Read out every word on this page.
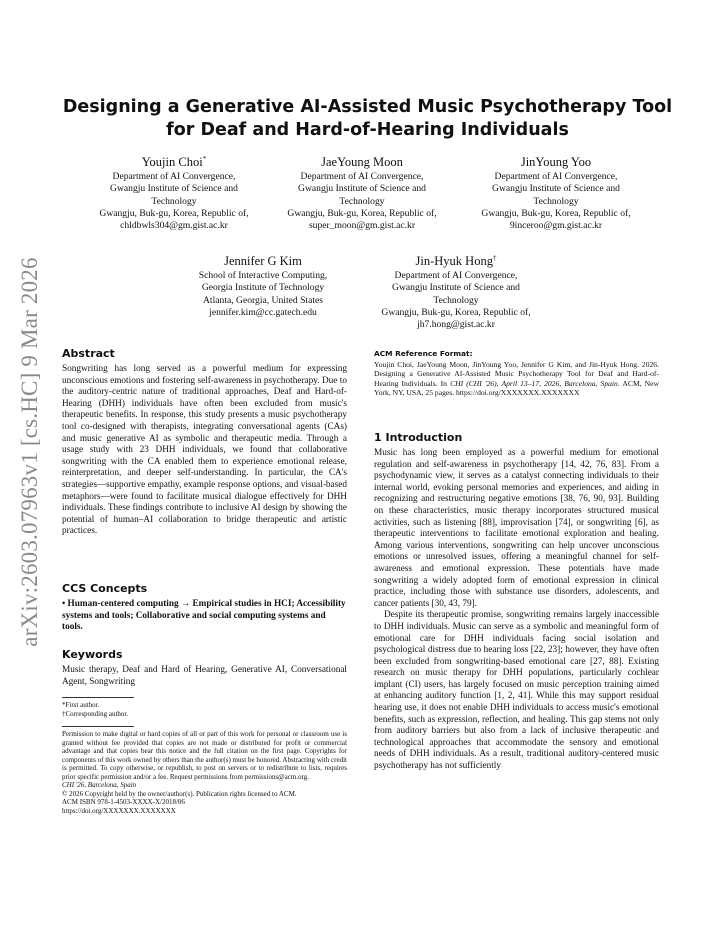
arXiv:2603.07963v1 [cs.HC] 9 Mar 2026
Designing a Generative AI-Assisted Music Psychotherapy Tool for Deaf and Hard-of-Hearing Individuals
Youjin Choi*
Department of AI Convergence,
Gwangju Institute of Science and
Technology
Gwangju, Buk-gu, Korea, Republic of,
chldbwls304@gm.gist.ac.kr
JaeYoung Moon
Department of AI Convergence,
Gwangju Institute of Science and
Technology
Gwangju, Buk-gu, Korea, Republic of,
super_moon@gm.gist.ac.kr
JinYoung Yoo
Department of AI Convergence,
Gwangju Institute of Science and
Technology
Gwangju, Buk-gu, Korea, Republic of,
9inceroo@gm.gist.ac.kr
Jennifer G Kim
School of Interactive Computing,
Georgia Institute of Technology
Atlanta, Georgia, United States
jennifer.kim@cc.gatech.edu
Jin-Hyuk Hong†
Department of AI Convergence,
Gwangju Institute of Science and
Technology
Gwangju, Buk-gu, Korea, Republic of,
jh7.hong@gist.ac.kr
Abstract

Songwriting has long served as a powerful medium for expressing unconscious emotions and fostering self-awareness in psychotherapy. Due to the auditory-centric nature of traditional approaches, Deaf and Hard-of-Hearing (DHH) individuals have often been excluded from music's therapeutic benefits. In response, this study presents a music psychotherapy tool co-designed with therapists, integrating conversational agents (CAs) and music generative AI as symbolic and therapeutic media. Through a usage study with 23 DHH individuals, we found that collaborative songwriting with the CA enabled them to experience emotional release, reinterpretation, and deeper self-understanding. In particular, the CA's strategies—supportive empathy, example response options, and visual-based metaphors—were found to facilitate musical dialogue effectively for DHH individuals. These findings contribute to inclusive AI design by showing the potential of human–AI collaboration to bridge therapeutic and artistic practices.

CCS Concepts

• Human-centered computing → Empirical studies in HCI; Accessibility systems and tools; Collaborative and social computing systems and tools.

Keywords

Music therapy, Deaf and Hard of Hearing, Generative AI, Conversational Agent, Songwriting

*First author.

†Corresponding author.

Permission to make digital or hard copies of all or part of this work for personal or classroom use is granted without fee provided that copies are not made or distributed for profit or commercial advantage and that copies bear this notice and the full citation on the first page. Copyrights for components of this work owned by others than the author(s) must be honored. Abstracting with credit is permitted. To copy otherwise, or republish, to post on servers or to redistribute to lists, requires prior specific permission and/or a fee. Request permissions from permissions@acm.org.

CHI '26, Barcelona, Spain

© 2026 Copyright held by the owner/author(s). Publication rights licensed to ACM.

ACM ISBN 978-1-4503-XXXX-X/2018/06

https://doi.org/XXXXXXX.XXXXXXX

ACM Reference Format:

Youjin Choi, JaeYoung Moon, JinYoung Yoo, Jennifer G Kim, and Jin-Hyuk Hong. 2026. Designing a Generative AI-Assisted Music Psychotherapy Tool for Deaf and Hard-of-Hearing Individuals. In CHI (CHI '26), April 13–17, 2026, Barcelona, Spain. ACM, New York, NY, USA, 25 pages. https://doi.org/XXXXXXX.XXXXXXX

1 Introduction

Music has long been employed as a powerful medium for emotional regulation and self-awareness in psychotherapy [14, 42, 76, 83]. From a psychodynamic view, it serves as a catalyst connecting individuals to their internal world, evoking personal memories and experiences, and aiding in recognizing and restructuring negative emotions [38, 76, 90, 93]. Building on these characteristics, music therapy incorporates structured musical activities, such as listening [88], improvisation [74], or songwriting [6], as therapeutic interventions to facilitate emotional exploration and healing. Among various interventions, songwriting can help uncover unconscious emotions or unresolved issues, offering a meaningful channel for self-awareness and emotional expression. These potentials have made songwriting a widely adopted form of emotional expression in clinical practice, including those with substance use disorders, adolescents, and cancer patients [30, 43, 79].

Despite its therapeutic promise, songwriting remains largely inaccessible to DHH individuals. Music can serve as a symbolic and meaningful form of emotional care for DHH individuals facing social isolation and psychological distress due to hearing loss [22, 23]; however, they have often been excluded from songwriting-based emotional care [27, 88]. Existing research on music therapy for DHH populations, particularly cochlear implant (CI) users, has largely focused on music perception training aimed at enhancing auditory function [1, 2, 41]. While this may support residual hearing use, it does not enable DHH individuals to access music's emotional benefits, such as expression, reflection, and healing. This gap stems not only from auditory barriers but also from a lack of inclusive therapeutic and technological approaches that accommodate the sensory and emotional needs of DHH individuals. As a result, traditional auditory-centered music psychotherapy has not sufficiently
